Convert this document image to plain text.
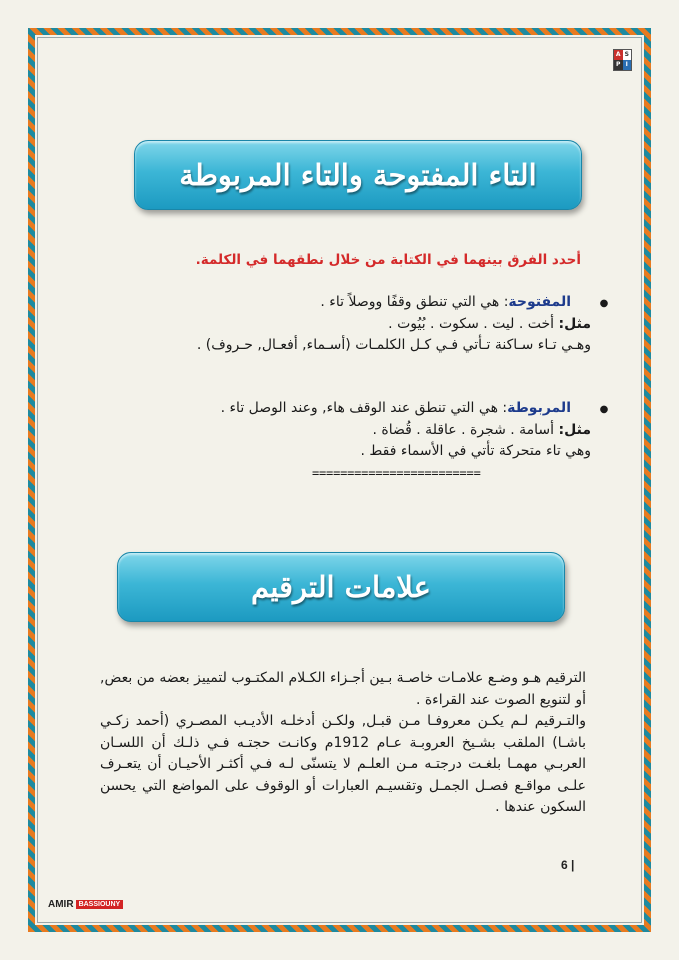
A S
P I
التاء المفتوحة والتاء المربوطة
أحدد الفرق بينهما في الكتابة من خلال نطقهما في الكلمة.
●
المفتوحة: هي التي تنطق وقفًا ووصلاً تاء .
مثل: أخت . ليت . سكوت . بُيُوت .
وهـي تـاء سـاكنة تـأتي فـي كـل الكلمـات (أسـماء, أفعـال, حـروف) .
●
المربوطة: هي التي تنطق عند الوقف هاء, وعند الوصل تاء .
مثل: أسامة . شجرة . عاقلة . قُضاة .
وهي تاء متحركة تأتي في الأسماء فقط .
========================
علامات الترقيم

الترقيم هـو وضـع علامـات خاصـة بـين أجـزاء الكـلام المكتـوب لتمييز بعضه من بعض, أو لتنويع الصوت عند القراءة .

والتـرقيم لـم يكـن معروفـا مـن قبـل, ولكـن أدخلـه الأديـب المصـري (أحمد زكـي باشـا) الملقب بشـيخ العروبـة عـام 1912م وكانـت حجتـه فـي ذلـك أن اللسـان العربـي مهمـا بلغـت درجتـه مـن العلـم لا يتسنّى لـه فـي أكثـر الأحيـان أن يتعـرف علـى مواقـع فصـل الجمـل وتقسيـم العبارات أو الوقوف على المواضع التي يحسن السكون عندها .

6 |
AMIR BASSIOUNY
